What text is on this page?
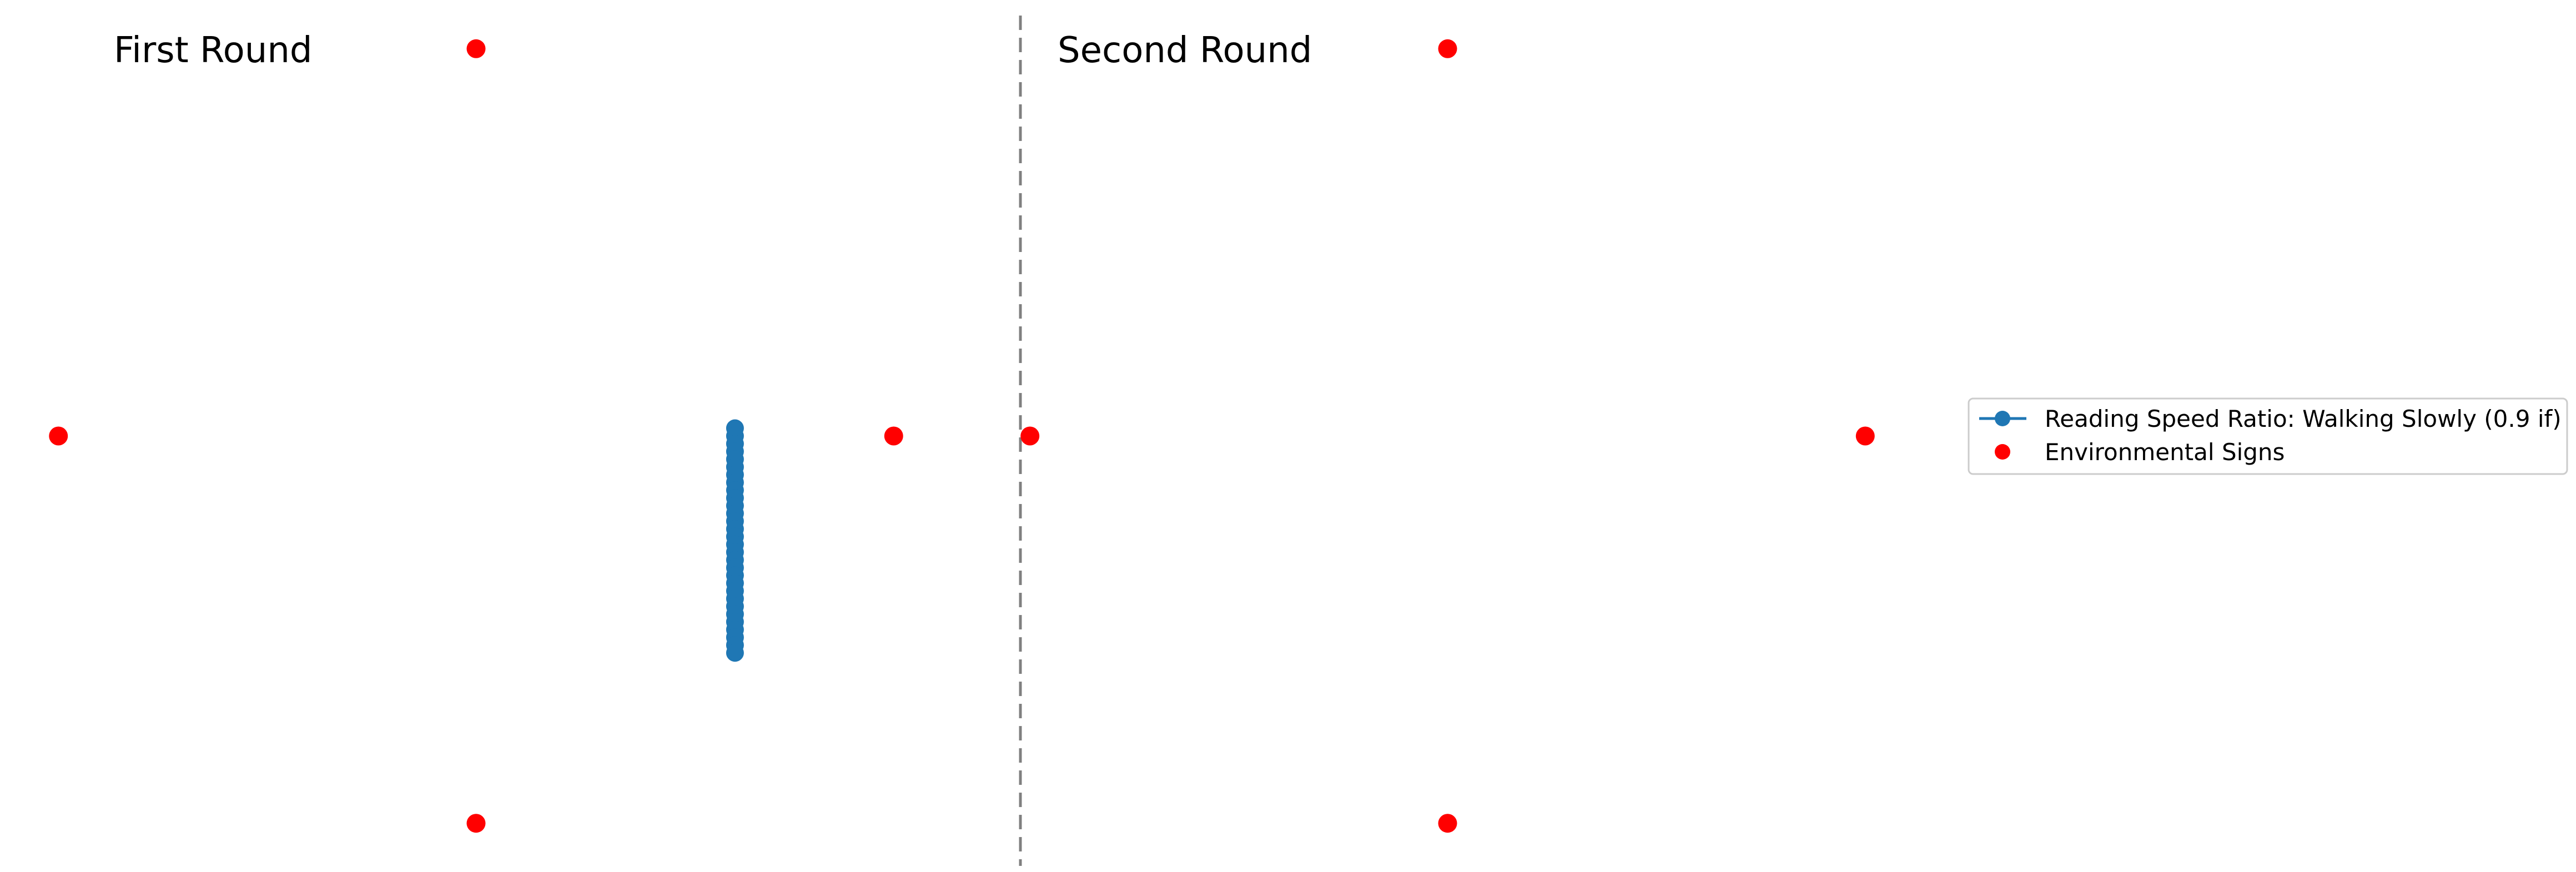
First Round	Second Round
Reading Speed Ratio: Walking Slowly (0.9 if)
Environmental Signs
